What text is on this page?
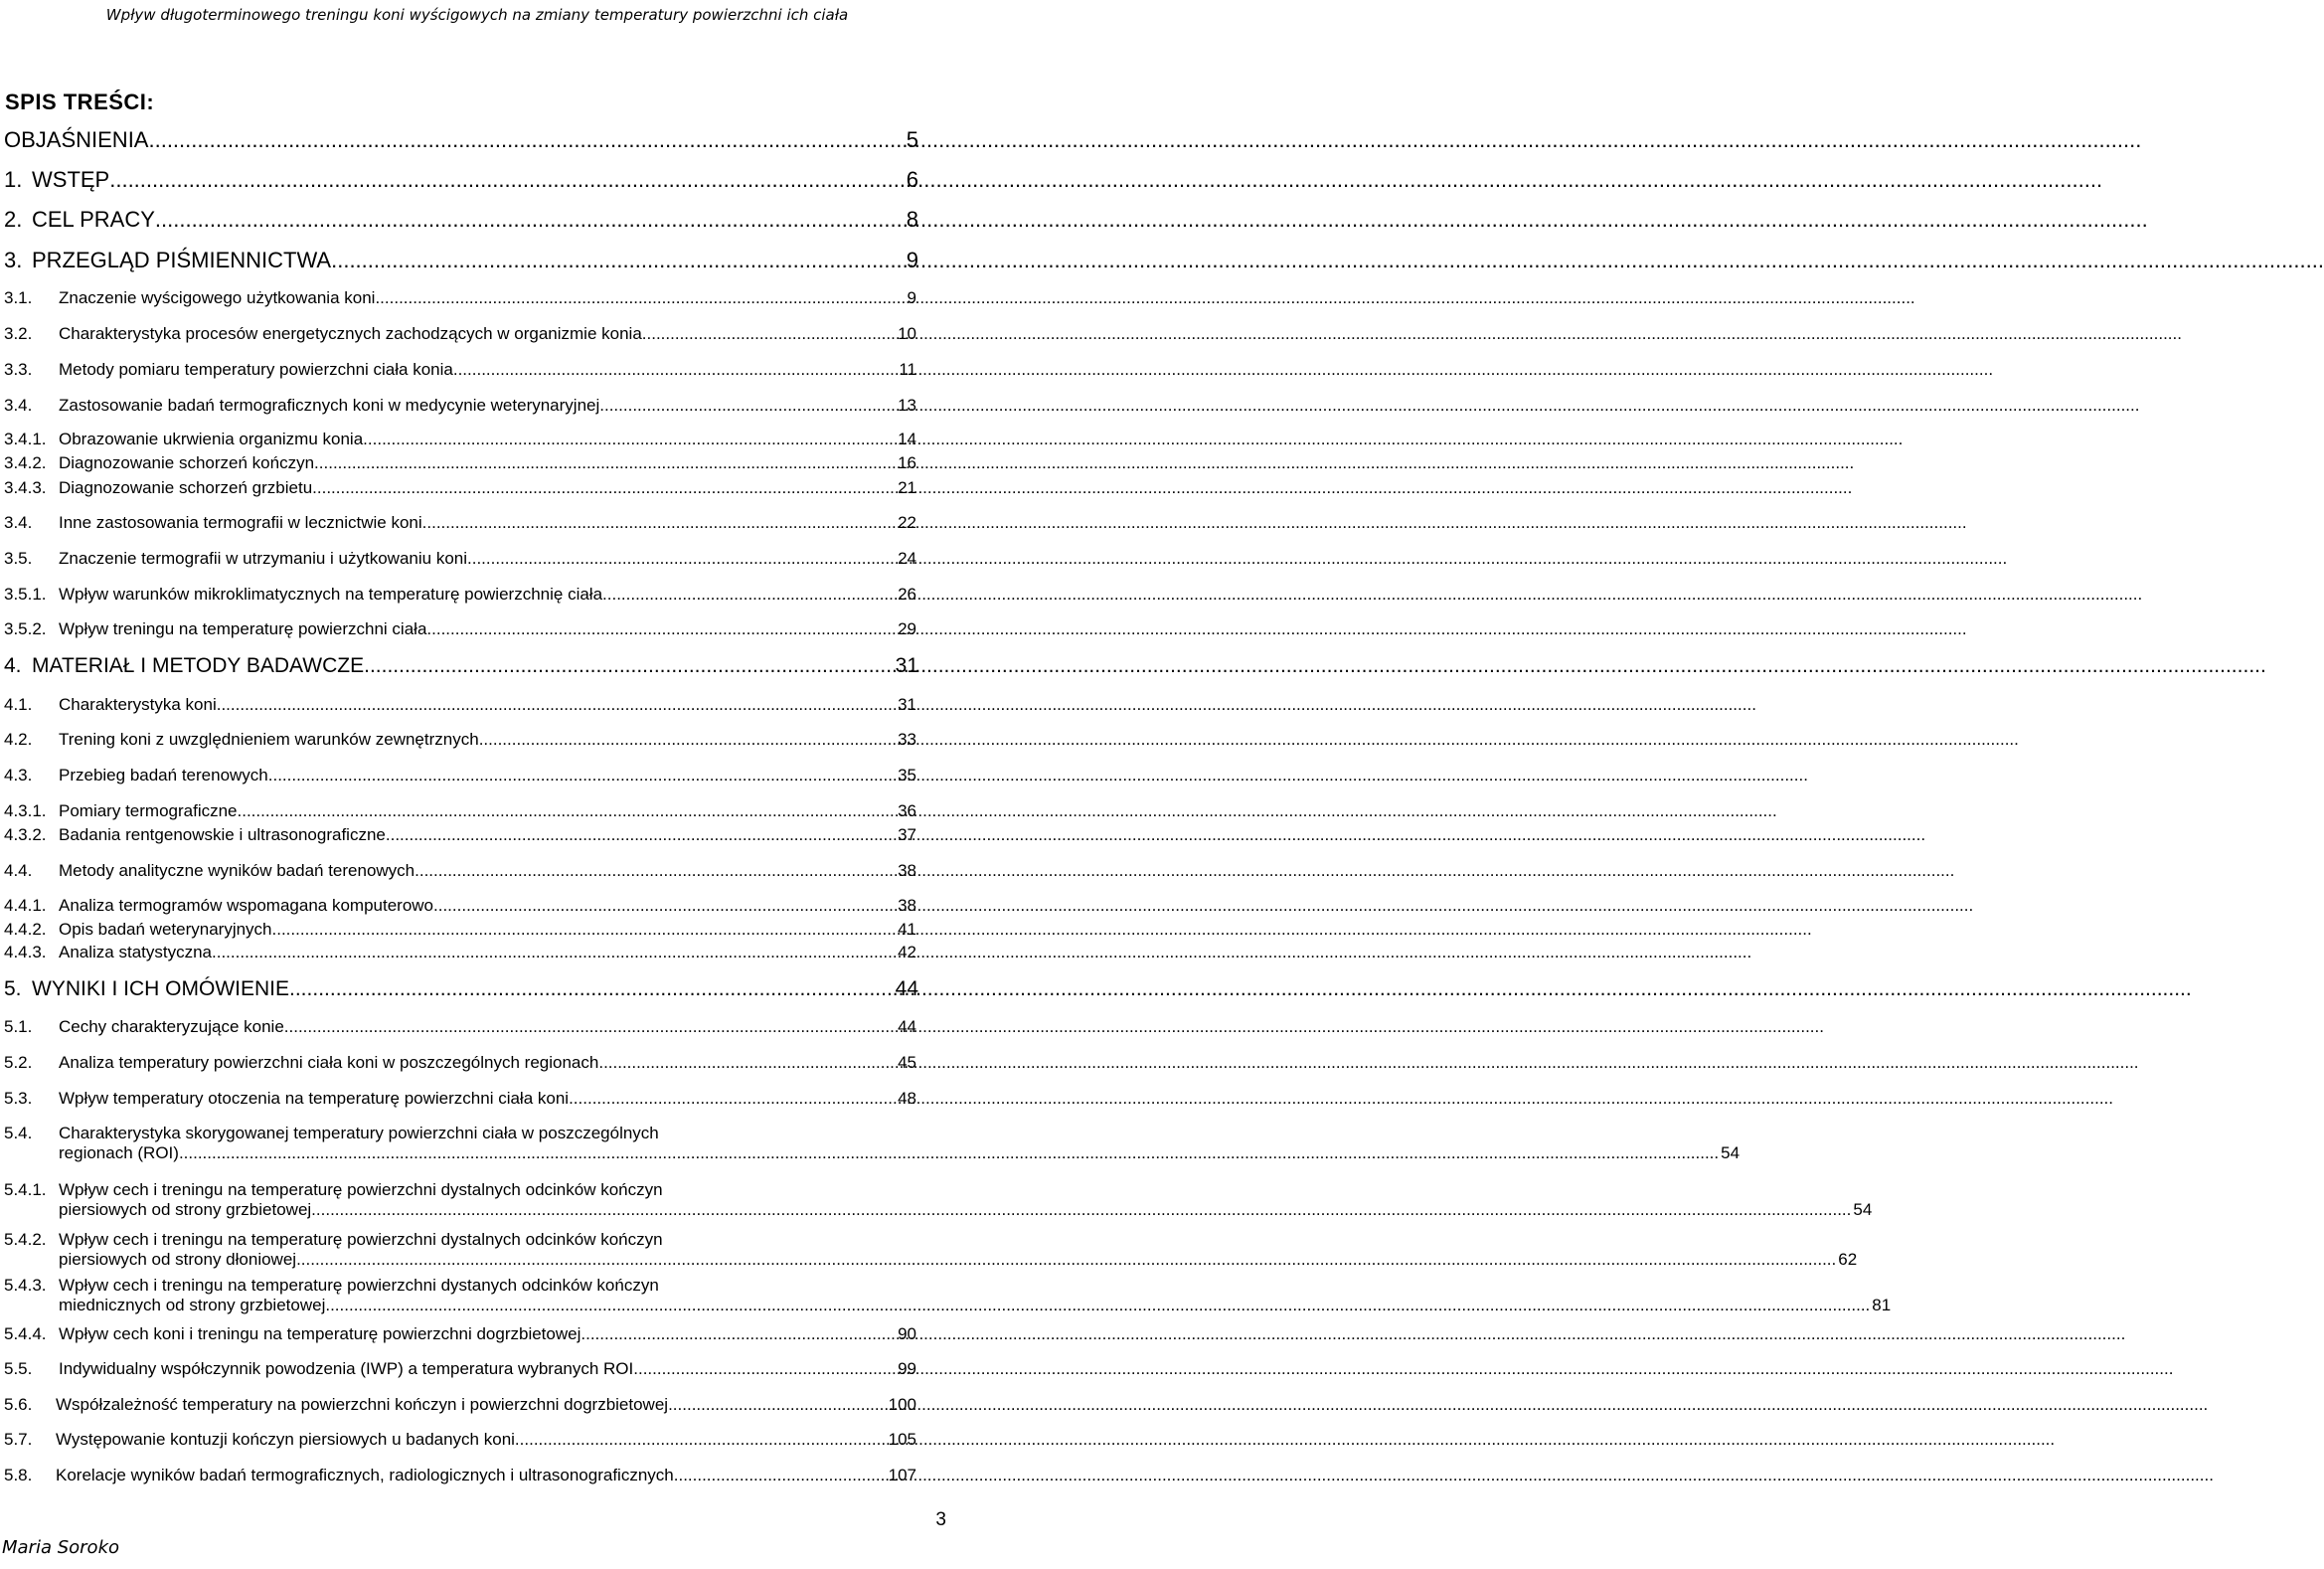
Wpływ długoterminowego treningu koni wyścigowych na zmiany temperatury powierzchni ich ciała
SPIS TREŚCI:
OBJAŚNIENIA .....	5
1. WSTĘP .....	6
2. CEL PRACY .....	8
3. PRZEGLĄD PIŚMIENNICTWA .....	9
3.1.	Znaczenie wyścigowego użytkowania koni .....	9
3.2.	Charakterystyka procesów energetycznych zachodzących w organizmie konia .....	10
3.3.	Metody pomiaru temperatury powierzchni ciała konia .....	11
3.4.	Zastosowanie badań termograficznych koni w medycynie weterynaryjnej .....	13
3.4.1. Obrazowanie ukrwienia organizmu konia .....	14
3.4.2. Diagnozowanie schorzeń kończyn .....	16
3.4.3. Diagnozowanie schorzeń grzbietu .....	21
3.4.	Inne zastosowania termografii w lecznictwie koni. .....	22
3.5.	Znaczenie termografii w utrzymaniu i użytkowaniu koni .....	24
3.5.1. Wpływ warunków mikroklimatycznych na temperaturę powierzchnię ciała .....	26
3.5.2. Wpływ treningu na temperaturę powierzchni ciała .....	29
4. MATERIAŁ I METODY BADAWCZE .....	31
4.1.	Charakterystyka koni .....	31
4.2.	Trening koni z uwzględnieniem warunków zewnętrznych .....	33
4.3.	Przebieg badań terenowych .....	35
4.3.1. Pomiary termograficzne .....	36
4.3.2. Badania rentgenowskie i ultrasonograficzne .....	37
4.4.	Metody analityczne wyników badań terenowych .....	38
4.4.1. Analiza termogramów wspomagana komputerowo .....	38
4.4.2. Opis badań weterynaryjnych .....	41
4.4.3. Analiza statystyczna .....	42
5. WYNIKI I ICH OMÓWIENIE .....	44
5.1.	Cechy charakteryzujące konie .....	44
5.2.	Analiza temperatury powierzchni ciała koni w poszczególnych regionach .....	45
5.3.	Wpływ temperatury otoczenia na temperaturę powierzchni ciała koni. .....	48
5.4.	Charakterystyka skorygowanej temperatury powierzchni ciała w poszczególnych
regionach (ROI) .....	54
5.4.1. Wpływ cech i treningu na temperaturę powierzchni dystalnych odcinków kończyn
piersiowych od strony grzbietowej .....	54
5.4.2. Wpływ cech i treningu na temperaturę powierzchni dystalnych odcinków kończyn
piersiowych od strony dłoniowej .....	62
5.4.3. Wpływ cech i treningu na temperaturę powierzchni dystanych odcinków kończyn
miednicznych od strony grzbietowej. .....	81
5.4.4. Wpływ cech koni i treningu na temperaturę powierzchni dogrzbietowej. .....	90
5.5.	Indywidualny współczynnik powodzenia (IWP) a temperatura wybranych ROI .....	99
5.6.	Współzależność temperatury na powierzchni kończyn i powierzchni dogrzbietowej .....	100
5.7.	Występowanie kontuzji kończyn piersiowych u badanych koni .....	105
5.8.	Korelacje wyników badań termograficznych, radiologicznych i ultrasonograficznych .....	107
3
Maria Soroko
